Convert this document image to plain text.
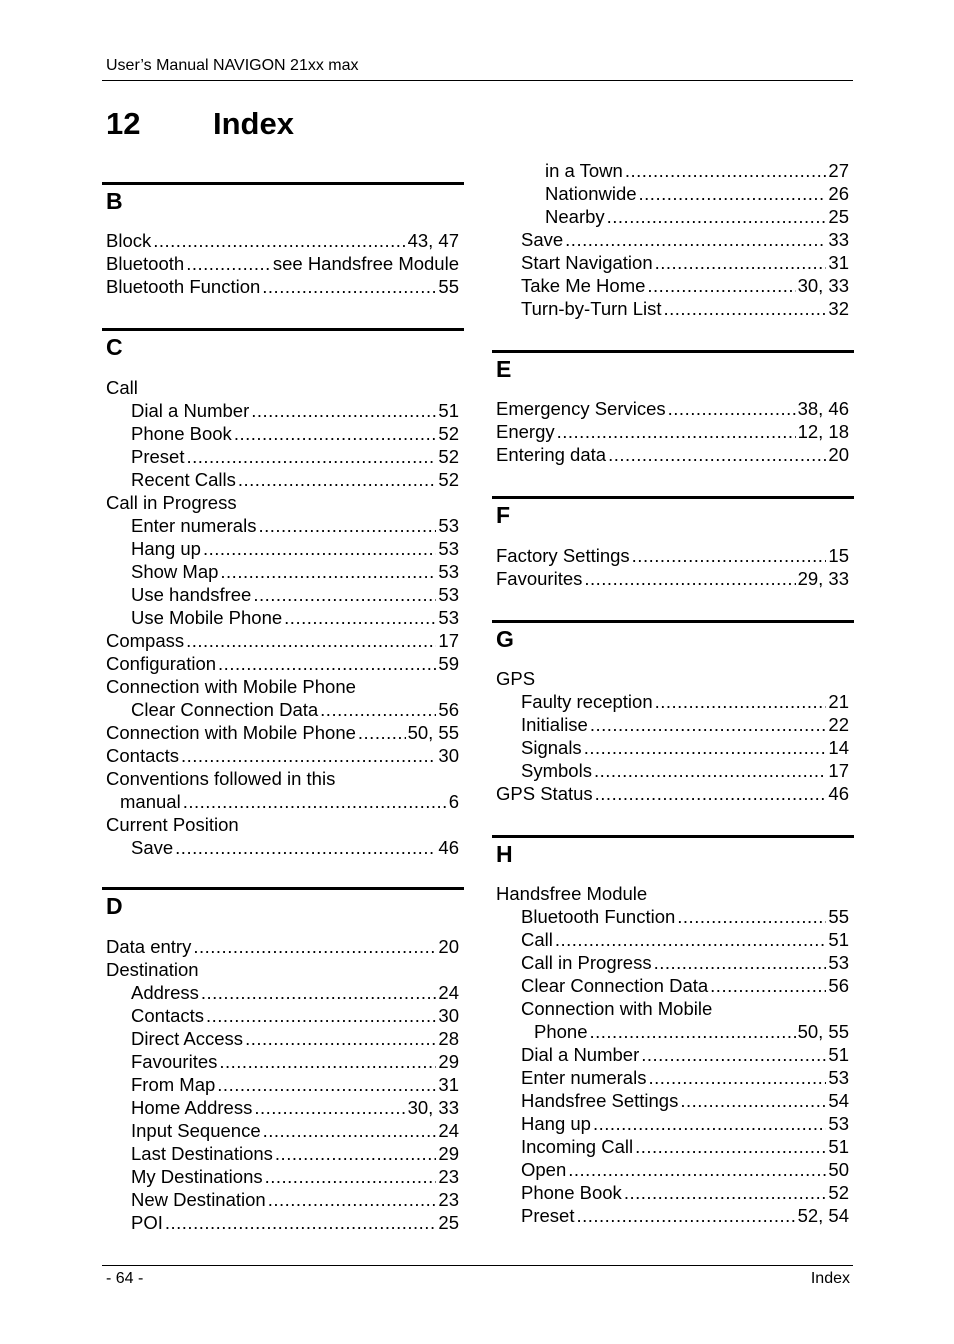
User’s Manual NAVIGON 21xx max
12	Index
B
Block .....	43, 47
Bluetooth .....	see Handsfree Module
Bluetooth Function .....	55
C
Call
Dial a Number .....	51
Phone Book .....	52
Preset .....	52
Recent Calls .....	52
Call in Progress
Enter numerals .....	53
Hang up .....	53
Show Map .....	53
Use handsfree .....	53
Use Mobile Phone .....	53
Compass .....	17
Configuration .....	59
Connection with Mobile Phone
Clear Connection Data .....	56
Connection with Mobile Phone .....	50, 55
Contacts .....	30
Conventions followed in this
manual .....	6
Current Position
Save .....	46
D
Data entry .....	20
Destination
Address .....	24
Contacts .....	30
Direct Access .....	28
Favourites .....	29
From Map .....	31
Home Address .....	30, 33
Input Sequence .....	24
Last Destinations .....	29
My Destinations .....	23
New Destination .....	23
POI .....	25
in a Town .....	27
Nationwide .....	26
Nearby .....	25
Save .....	33
Start Navigation .....	31
Take Me Home .....	30, 33
Turn-by-Turn List .....	32
E
Emergency Services .....	38, 46
Energy .....	12, 18
Entering data .....	20
F
Factory Settings .....	15
Favourites .....	29, 33
G
GPS
Faulty reception .....	21
Initialise .....	22
Signals .....	14
Symbols .....	17
GPS Status .....	46
H
Handsfree Module
Bluetooth Function .....	55
Call .....	51
Call in Progress .....	53
Clear Connection Data .....	56
Connection with Mobile
Phone .....	50, 55
Dial a Number .....	51
Enter numerals .....	53
Handsfree Settings .....	54
Hang up .....	53
Incoming Call .....	51
Open .....	50
Phone Book .....	52
Preset .....	52, 54
- 64 -	Index
